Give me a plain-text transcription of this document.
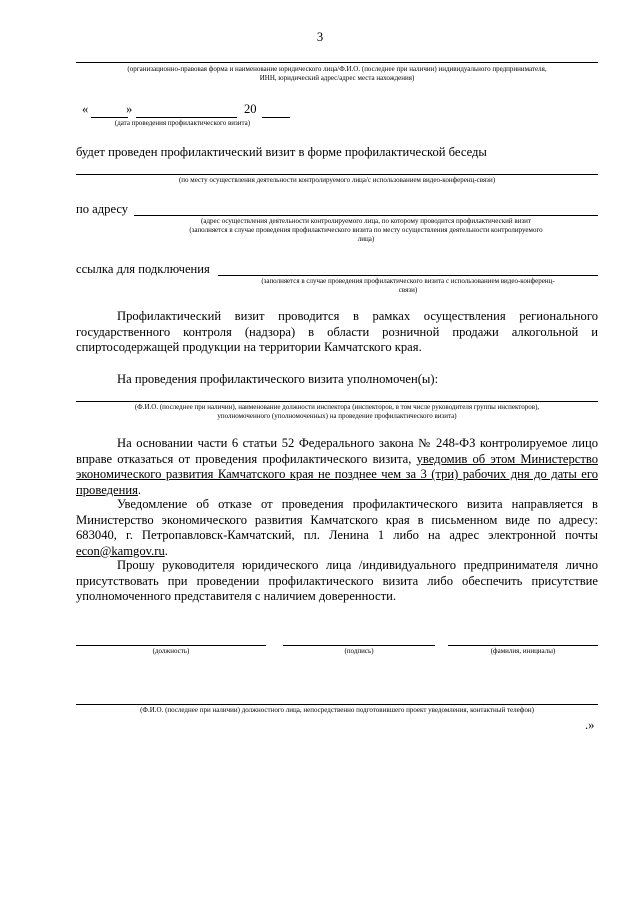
3
(организационно-правовая форма и наименование юридического лица/Ф.И.О. (последнее при наличии) индивидуального предпринимателя,
ИНН, юридический адрес/адрес места нахождения)
«	»	20
(дата проведения профилактического визита)
будет проведен профилактический визит в форме профилактической беседы
(по месту осуществления деятельности контролируемого лица/с использованием видео-конференц-связи)
по адресу
(адрес осуществления деятельности контролируемого лица, по которому проводится профилактический визит
(заполняется в случае проведения профилактического визита по месту осуществления деятельности контролируемого
лица)
ссылка для подключения
(заполняется в случае проведения профилактического визита с использованием видео-конференц-
связи)
Профилактический визит проводится в рамках осуществления регионального государственного контроля (надзора) в области розничной продажи алкогольной и спиртосодержащей продукции на территории Камчатского края.
На проведения профилактического визита уполномочен(ы):
(Ф.И.О. (последнее при наличии), наименование должности инспектора (инспекторов, в том числе руководителя группы инспекторов),
уполномоченного (уполномоченных) на проведение профилактического визита)
На основании части 6 статьи 52 Федерального закона № 248-ФЗ контролируемое лицо вправе отказаться от проведения профилактического визита, уведомив об этом Министерство экономического развития Камчатского края не позднее чем за 3 (три) рабочих дня до даты его проведения.
Уведомление об отказе от проведения профилактического визита направляется в Министерство экономического развития Камчатского края в письменном виде по адресу: 683040, г. Петропавловск-Камчатский, пл. Ленина 1 либо на адрес электронной почты econ@kamgov.ru.
Прошу руководителя юридического лица /индивидуального предпринимателя лично присутствовать при проведении профилактического визита либо обеспечить присутствие уполномоченного представителя с наличием доверенности.
(должность)	(подпись)	(фамилия, инициалы)
(Ф.И.О. (последнее при наличии) должностного лица, непосредственно подготовившего проект уведомления, контактный телефон)
.»
